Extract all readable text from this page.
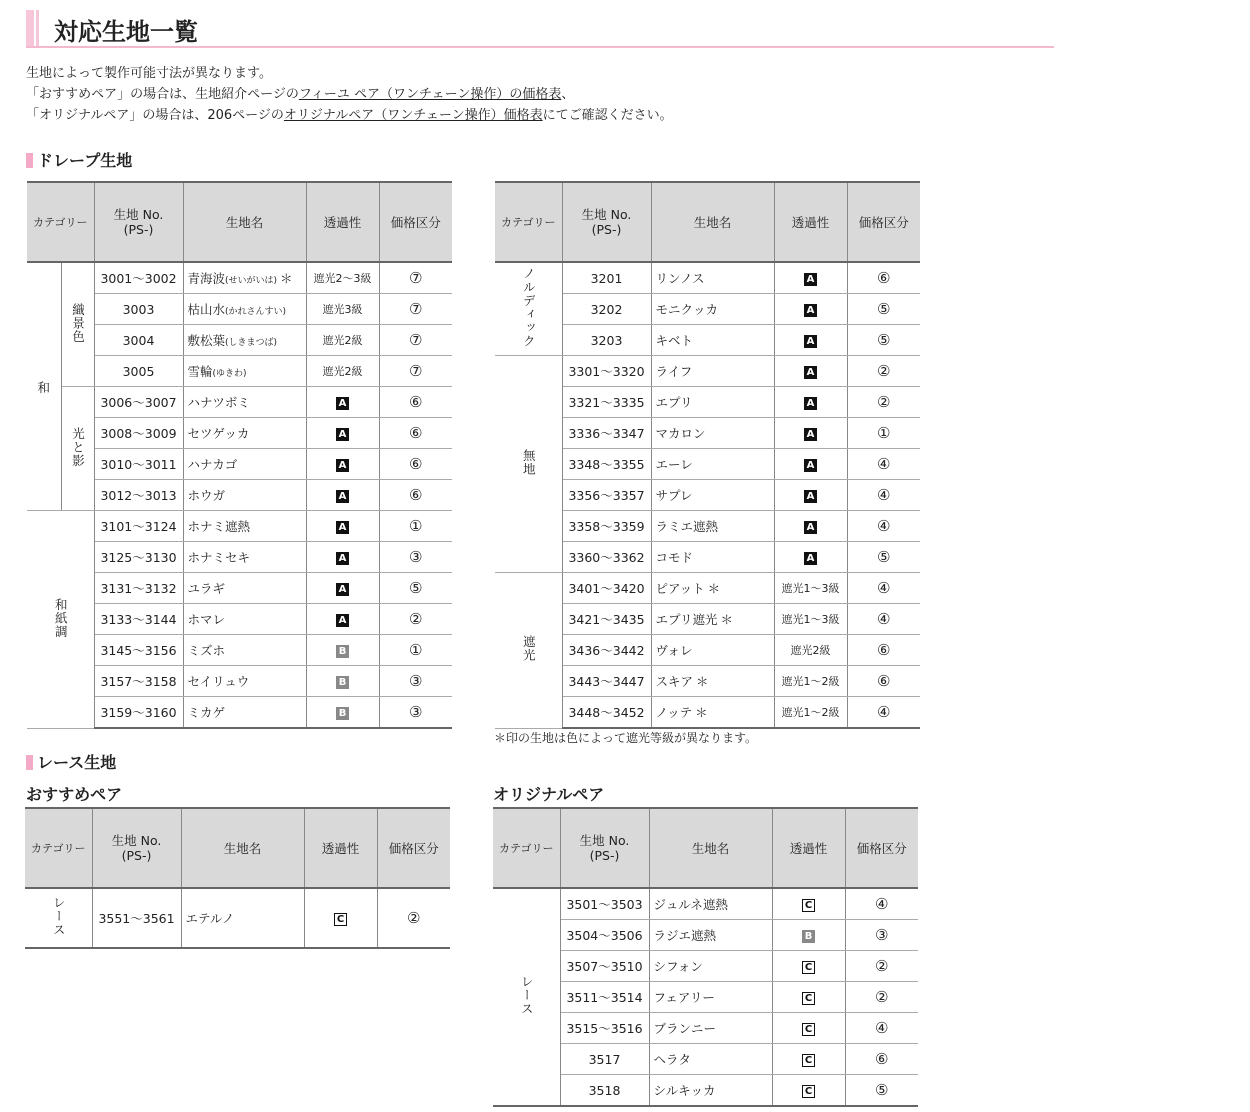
対応生地一覧

生地によって製作可能寸法が異なります。

「おすすめペア」の場合は、生地紹介ページのフィーユ ペア（ワンチェーン操作）の価格表、

「オリジナルペア」の場合は、206ページのオリジナルペア（ワンチェーン操作）価格表にてご確認ください。

ドレープ生地
カテゴリー		生地 No.
(PS-)	生地名	透過性	価格区分
和	織景色	3001～3002	青海波(せいがいは) ＊	遮光2～3級	⑦
		3003	枯山水(かれさんすい)	遮光3級	⑦
		3004	敷松葉(しきまつば)	遮光2級	⑦
		3005	雪輪(ゆきわ)	遮光2級	⑦
	光と影	3006～3007	ハナツボミ	A	⑥
		3008～3009	セツゲッカ	A	⑥
		3010～3011	ハナカゴ	A	⑥
		3012～3013	ホウガ	A	⑥
和紙調		3101～3124	ホナミ遮熱	A	①
		3125～3130	ホナミセキ	A	③
		3131～3132	ユラギ	A	⑤
		3133～3144	ホマレ	A	②
		3145～3156	ミズホ	B	①
		3157～3158	セイリュウ	B	③
		3159～3160	ミカゲ	B	③
カテゴリー	生地 No.
(PS-)	生地名	透過性	価格区分
ノルディック	3201	リンノス	A	⑥
	3202	モニクッカ	A	⑤
	3203	キベト	A	⑤
無地	3301～3320	ライフ	A	②
	3321～3335	エプリ	A	②
	3336～3347	マカロン	A	①
	3348～3355	エーレ	A	④
	3356～3357	サプレ	A	④
	3358～3359	ラミエ遮熱	A	④
	3360～3362	コモド	A	⑤
遮光	3401～3420	ピアット ＊	遮光1～3級	④
	3421～3435	エプリ遮光 ＊	遮光1～3級	④
	3436～3442	ヴォレ	遮光2級	⑥
	3443～3447	スキア ＊	遮光1～2級	⑥
	3448～3452	ノッテ ＊	遮光1～2級	④
＊印の生地は色によって遮光等級が異なります。
レース生地
おすすめペア	オリジナルペア
カテゴリー	生地 No.
(PS-)	生地名	透過性	価格区分
レース	3551～3561	エテルノ	C	②
カテゴリー	生地 No.
(PS-)	生地名	透過性	価格区分
レース	3501～3503	ジュルネ遮熱	C	④
	3504～3506	ラジエ遮熱	B	③
	3507～3510	シフォン	C	②
	3511～3514	フェアリー	C	②
	3515～3516	ブランニー	C	④
	3517	ヘラタ	C	⑥
	3518	シルキッカ	C	⑤
